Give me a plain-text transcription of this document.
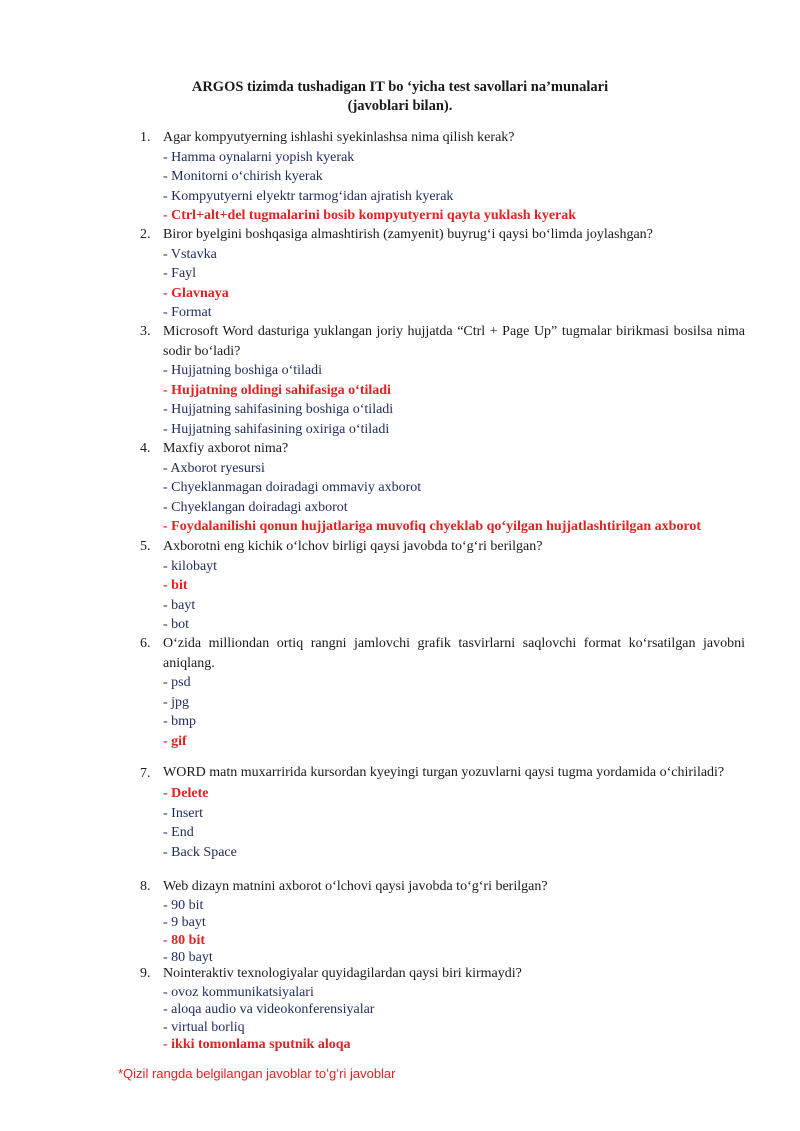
ARGOS tizimda tushadigan IT bo ‘yicha test savollari na’munalari
(javoblari bilan).
1. Agar kompyutyerning ishlashi syekinlashsa nima qilish kerak?
- Hamma oynalarni yopish kyerak
- Monitorni oʻchirish kyerak
- Kompyutyerni elyektr tarmogʻidan ajratish kyerak
- Ctrl+alt+del tugmalarini bosib kompyutyerni qayta yuklash kyerak
2. Biror byelgini boshqasiga almashtirish (zamyenit) buyrugʻi qaysi boʻlimda joylashgan?
- Vstavka
- Fayl
- Glavnaya
- Format
3. Microsoft Word dasturiga yuklangan joriy hujjatda “Ctrl + Page Up” tugmalar birikmasi bosilsa nima sodir boʻladi?
- Hujjatning boshiga oʻtiladi
- Hujjatning oldingi sahifasiga oʻtiladi
- Hujjatning sahifasining boshiga oʻtiladi
- Hujjatning sahifasining oxiriga oʻtiladi
4. Maxfiy axborot nima?
- Axborot ryesursi
- Chyeklanmagan doiradagi ommaviy axborot
- Chyeklangan doiradagi axborot
- Foydalanilishi qonun hujjatlariga muvofiq chyeklab qoʻyilgan hujjatlashtirilgan axborot
5. Axborotni eng kichik oʻlchov birligi qaysi javobda toʻgʻri berilgan?
- kilobayt
- bit
- bayt
- bot
6. Oʻzida milliondan ortiq rangni jamlovchi grafik tasvirlarni saqlovchi format koʻrsatilgan javobni aniqlang.
- psd
- jpg
- bmp
- gif
7. WORD matn muxarririda kursordan kyeyingi turgan yozuvlarni qaysi tugma yordamida oʻchiriladi?
- Delete
- Insert
- End
- Back Space
8. Web dizayn matnini axborot oʻlchovi qaysi javobda toʻgʻri berilgan?
- 90 bit
- 9 bayt
- 80 bit
- 80 bayt
9. Nointeraktiv texnologiyalar quyidagilardan qaysi biri kirmaydi?
- ovoz kommunikatsiyalari
- aloqa audio va videokonferensiyalar
- virtual borliq
- ikki tomonlama sputnik aloqa
*Qizil rangda belgilangan javoblar toʻgʻri javoblar
